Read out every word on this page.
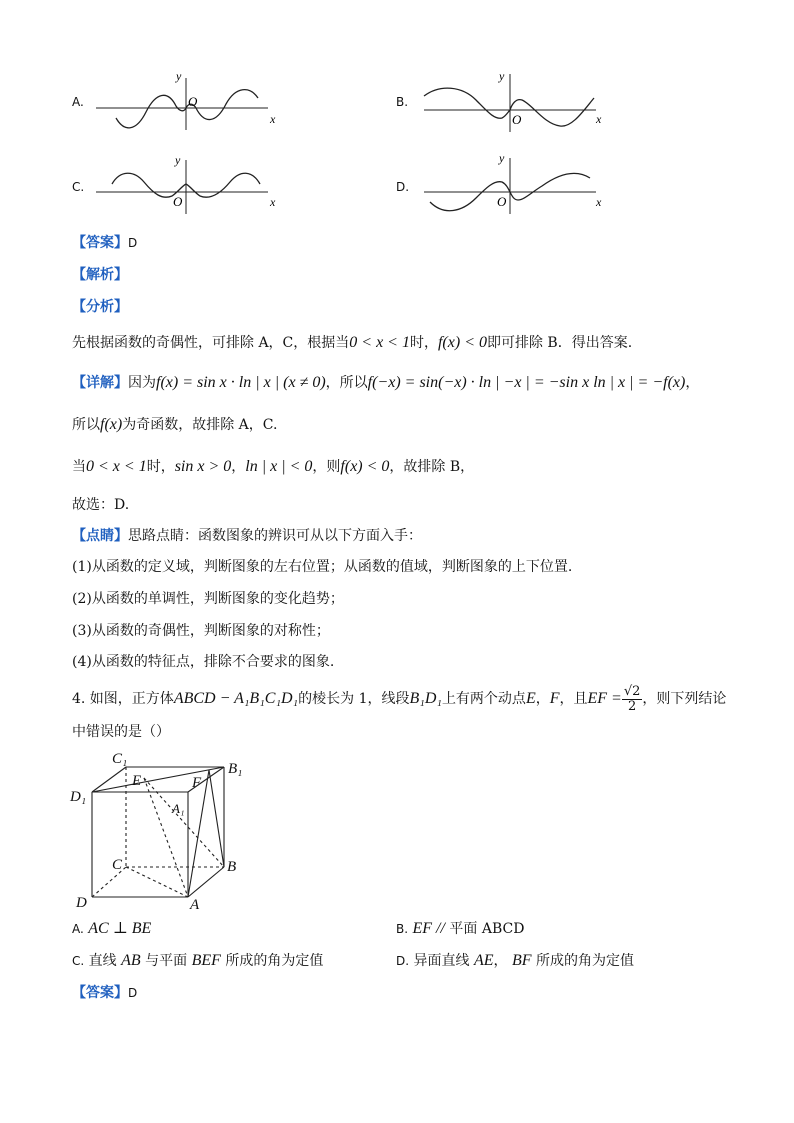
A.	B.
C.	D.
x
y
O
x
y
O
x
y
O	x
y
O
【答案】D
【解析】
【分析】
先根据函数的奇偶性，可排除 A，C，根据当0 < x < 1时，f(x) < 0即可排除 B．得出答案.
【详解】因为f(x) = sin x · ln | x | (x ≠ 0)，所以f(−x) = sin(−x) · ln | −x | = −sin x ln | x | = −f(x)，
所以f(x)为奇函数，故排除 A，C.
当0 < x < 1时，sin x > 0，ln | x | < 0，则f(x) < 0，故排除 B，
故选：D.
【点睛】思路点睛：函数图象的辨识可从以下方面入手：
(1)从函数的定义域，判断图象的左右位置；从函数的值域，判断图象的上下位置.
(2)从函数的单调性，判断图象的变化趋势；
(3)从函数的奇偶性，判断图象的对称性；
(4)从函数的特征点，排除不合要求的图象.
4. 如图，正方体ABCD − A₁B₁C₁D₁的棱长为 1，线段B₁D₁上有两个动点E，F，且EF = $\frac{√2}{2}$，则下列结论
中错误的是（）
C₁
B₁
D₁
A₁
E	F
C	B
D	A
A. AC ⊥ BE	B. EF // 平面 ABCD
C. 直线 AB 与平面 BEF 所成的角为定值	D. 异面直线 AE， BF 所成的角为定值
【答案】D
